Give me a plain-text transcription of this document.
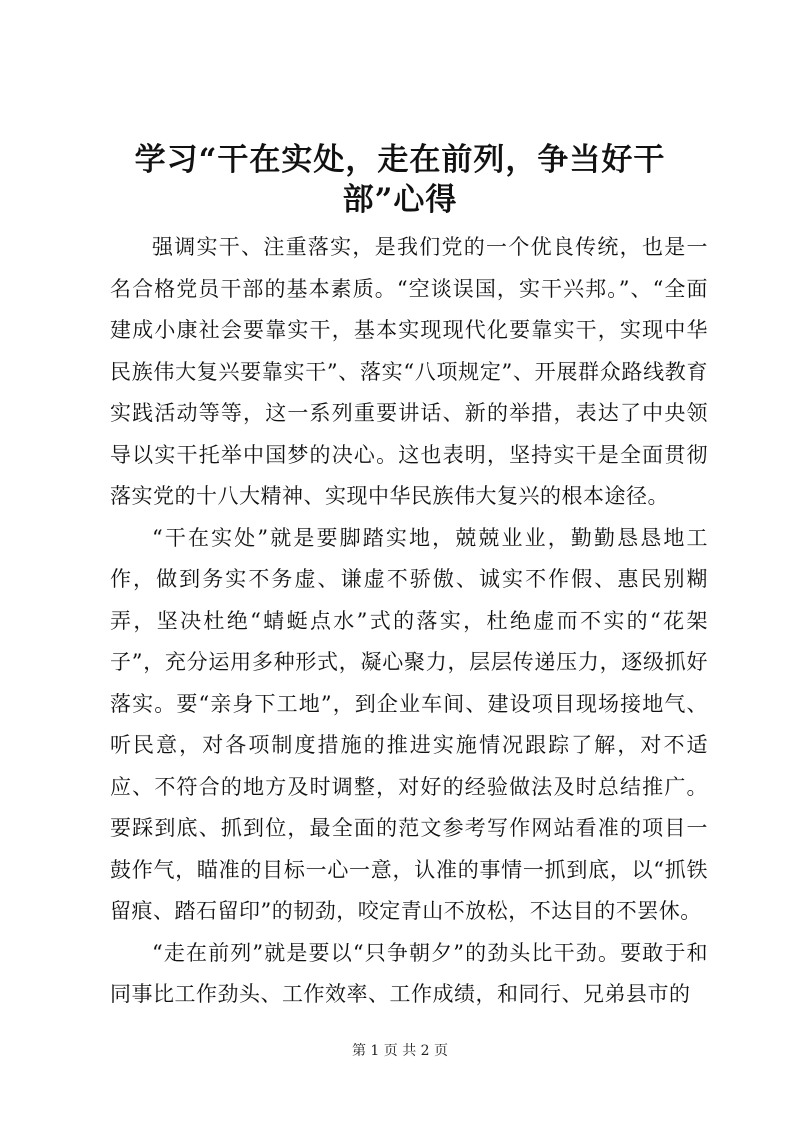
学习“干在实处，走在前列，争当好干部”心得

强调实干、注重落实，是我们党的一个优良传统，也是一名合格党员干部的基本素质。“空谈误国，实干兴邦。”、“全面建成小康社会要靠实干，基本实现现代化要靠实干，实现中华民族伟大复兴要靠实干”、落实“八项规定”、开展群众路线教育实践活动等等，这一系列重要讲话、新的举措，表达了中央领导以实干托举中国梦的决心。这也表明，坚持实干是全面贯彻落实党的十八大精神、实现中华民族伟大复兴的根本途径。

“干在实处”就是要脚踏实地，兢兢业业，勤勤恳恳地工作，做到务实不务虚、谦虚不骄傲、诚实不作假、惠民别糊弄，坚决杜绝“蜻蜓点水”式的落实，杜绝虚而不实的“花架子”，充分运用多种形式，凝心聚力，层层传递压力，逐级抓好落实。要“亲身下工地”，到企业车间、建设项目现场接地气、听民意，对各项制度措施的推进实施情况跟踪了解，对不适应、不符合的地方及时调整，对好的经验做法及时总结推广。要踩到底、抓到位，最全面的范文参考写作网站看准的项目一鼓作气，瞄准的目标一心一意，认准的事情一抓到底，以“抓铁留痕、踏石留印”的韧劲，咬定青山不放松，不达目的不罢休。

“走在前列”就是要以“只争朝夕”的劲头比干劲。要敢于和同事比工作劲头、工作效率、工作成绩，和同行、兄弟县市的

第 1 页 共 2 页
